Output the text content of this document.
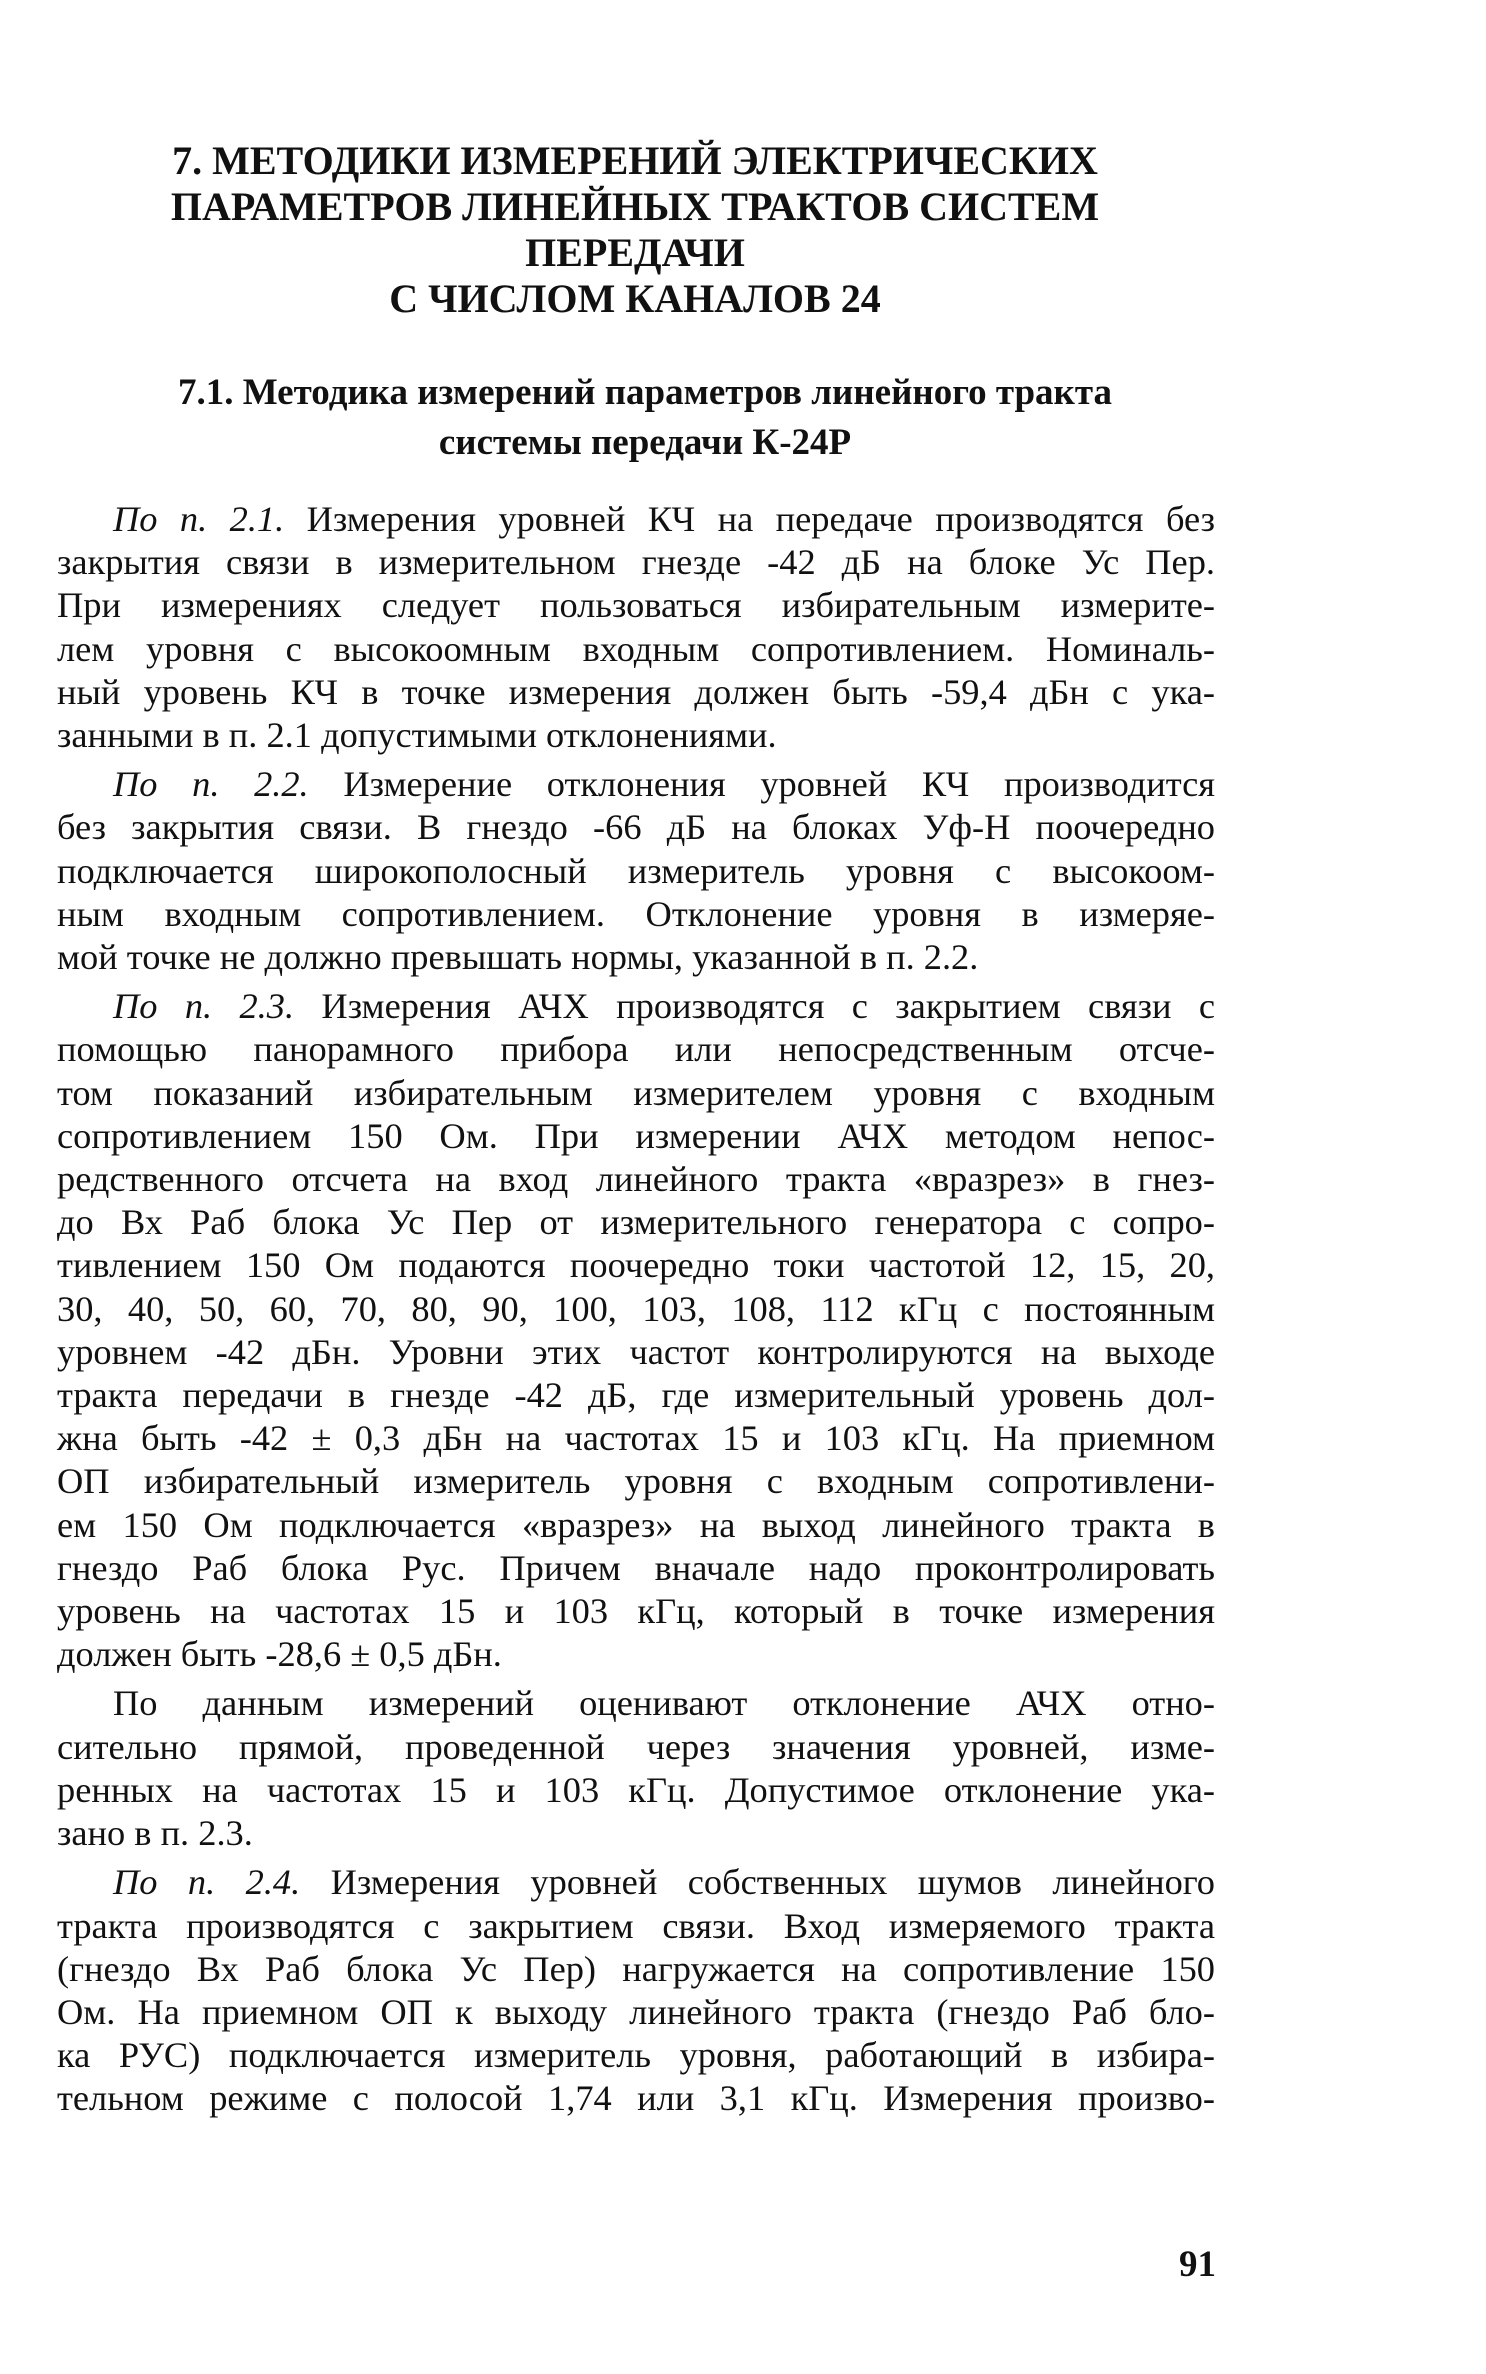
7. МЕТОДИКИ ИЗМЕРЕНИЙ ЭЛЕКТРИЧЕСКИХ
ПАРАМЕТРОВ ЛИНЕЙНЫХ ТРАКТОВ СИСТЕМ ПЕРЕДАЧИ
С ЧИСЛОМ КАНАЛОВ 24
7.1. Методика измерений параметров линейного тракта
системы передачи К-24Р

По п. 2.1. Измерения уровней КЧ на передаче производятся без
закрытия связи в измерительном гнезде -42 дБ на блоке Ус Пер.
При измерениях следует пользоваться избирательным измерите-
лем уровня с высокоомным входным сопротивлением. Номиналь-
ный уровень КЧ в точке измерения должен быть -59,4 дБн с ука-
занными в п. 2.1 допустимыми отклонениями.

По п. 2.2. Измерение отклонения уровней КЧ производится
без закрытия связи. В гнездо -66 дБ на блоках Уф-Н поочередно
подключается широкополосный измеритель уровня с высокоом-
ным входным сопротивлением. Отклонение уровня в измеряе-
мой точке не должно превышать нормы, указанной в п. 2.2.

По п. 2.3. Измерения АЧХ производятся с закрытием связи с
помощью панорамного прибора или непосредственным отсче-
том показаний избирательным измерителем уровня с входным
сопротивлением 150 Ом. При измерении АЧХ методом непос-
редственного отсчета на вход линейного тракта «вразрез» в гнез-
до Вх Раб блока Ус Пер от измерительного генератора с сопро-
тивлением 150 Ом подаются поочередно токи частотой 12, 15, 20,
30, 40, 50, 60, 70, 80, 90, 100, 103, 108, 112 кГц с постоянным
уровнем -42 дБн. Уровни этих частот контролируются на выходе
тракта передачи в гнезде -42 дБ, где измерительный уровень дол-
жна быть -42 ± 0,3 дБн на частотах 15 и 103 кГц. На приемном
ОП избирательный измеритель уровня с входным сопротивлени-
ем 150 Ом подключается «вразрез» на выход линейного тракта в
гнездо Раб блока Рус. Причем вначале надо проконтролировать
уровень на частотах 15 и 103 кГц, который в точке измерения
должен быть -28,6 ± 0,5 дБн.

По данным измерений оценивают отклонение АЧХ отно-
сительно прямой, проведенной через значения уровней, изме-
ренных на частотах 15 и 103 кГц. Допустимое отклонение ука-
зано в п. 2.3.

По п. 2.4. Измерения уровней собственных шумов линейного
тракта производятся с закрытием связи. Вход измеряемого тракта
(гнездо Вх Раб блока Ус Пер) нагружается на сопротивление 150
Ом. На приемном ОП к выходу линейного тракта (гнездо Раб бло-
ка РУС) подключается измеритель уровня, работающий в избира-
тельном режиме с полосой 1,74 или 3,1 кГц. Измерения произво-

91
